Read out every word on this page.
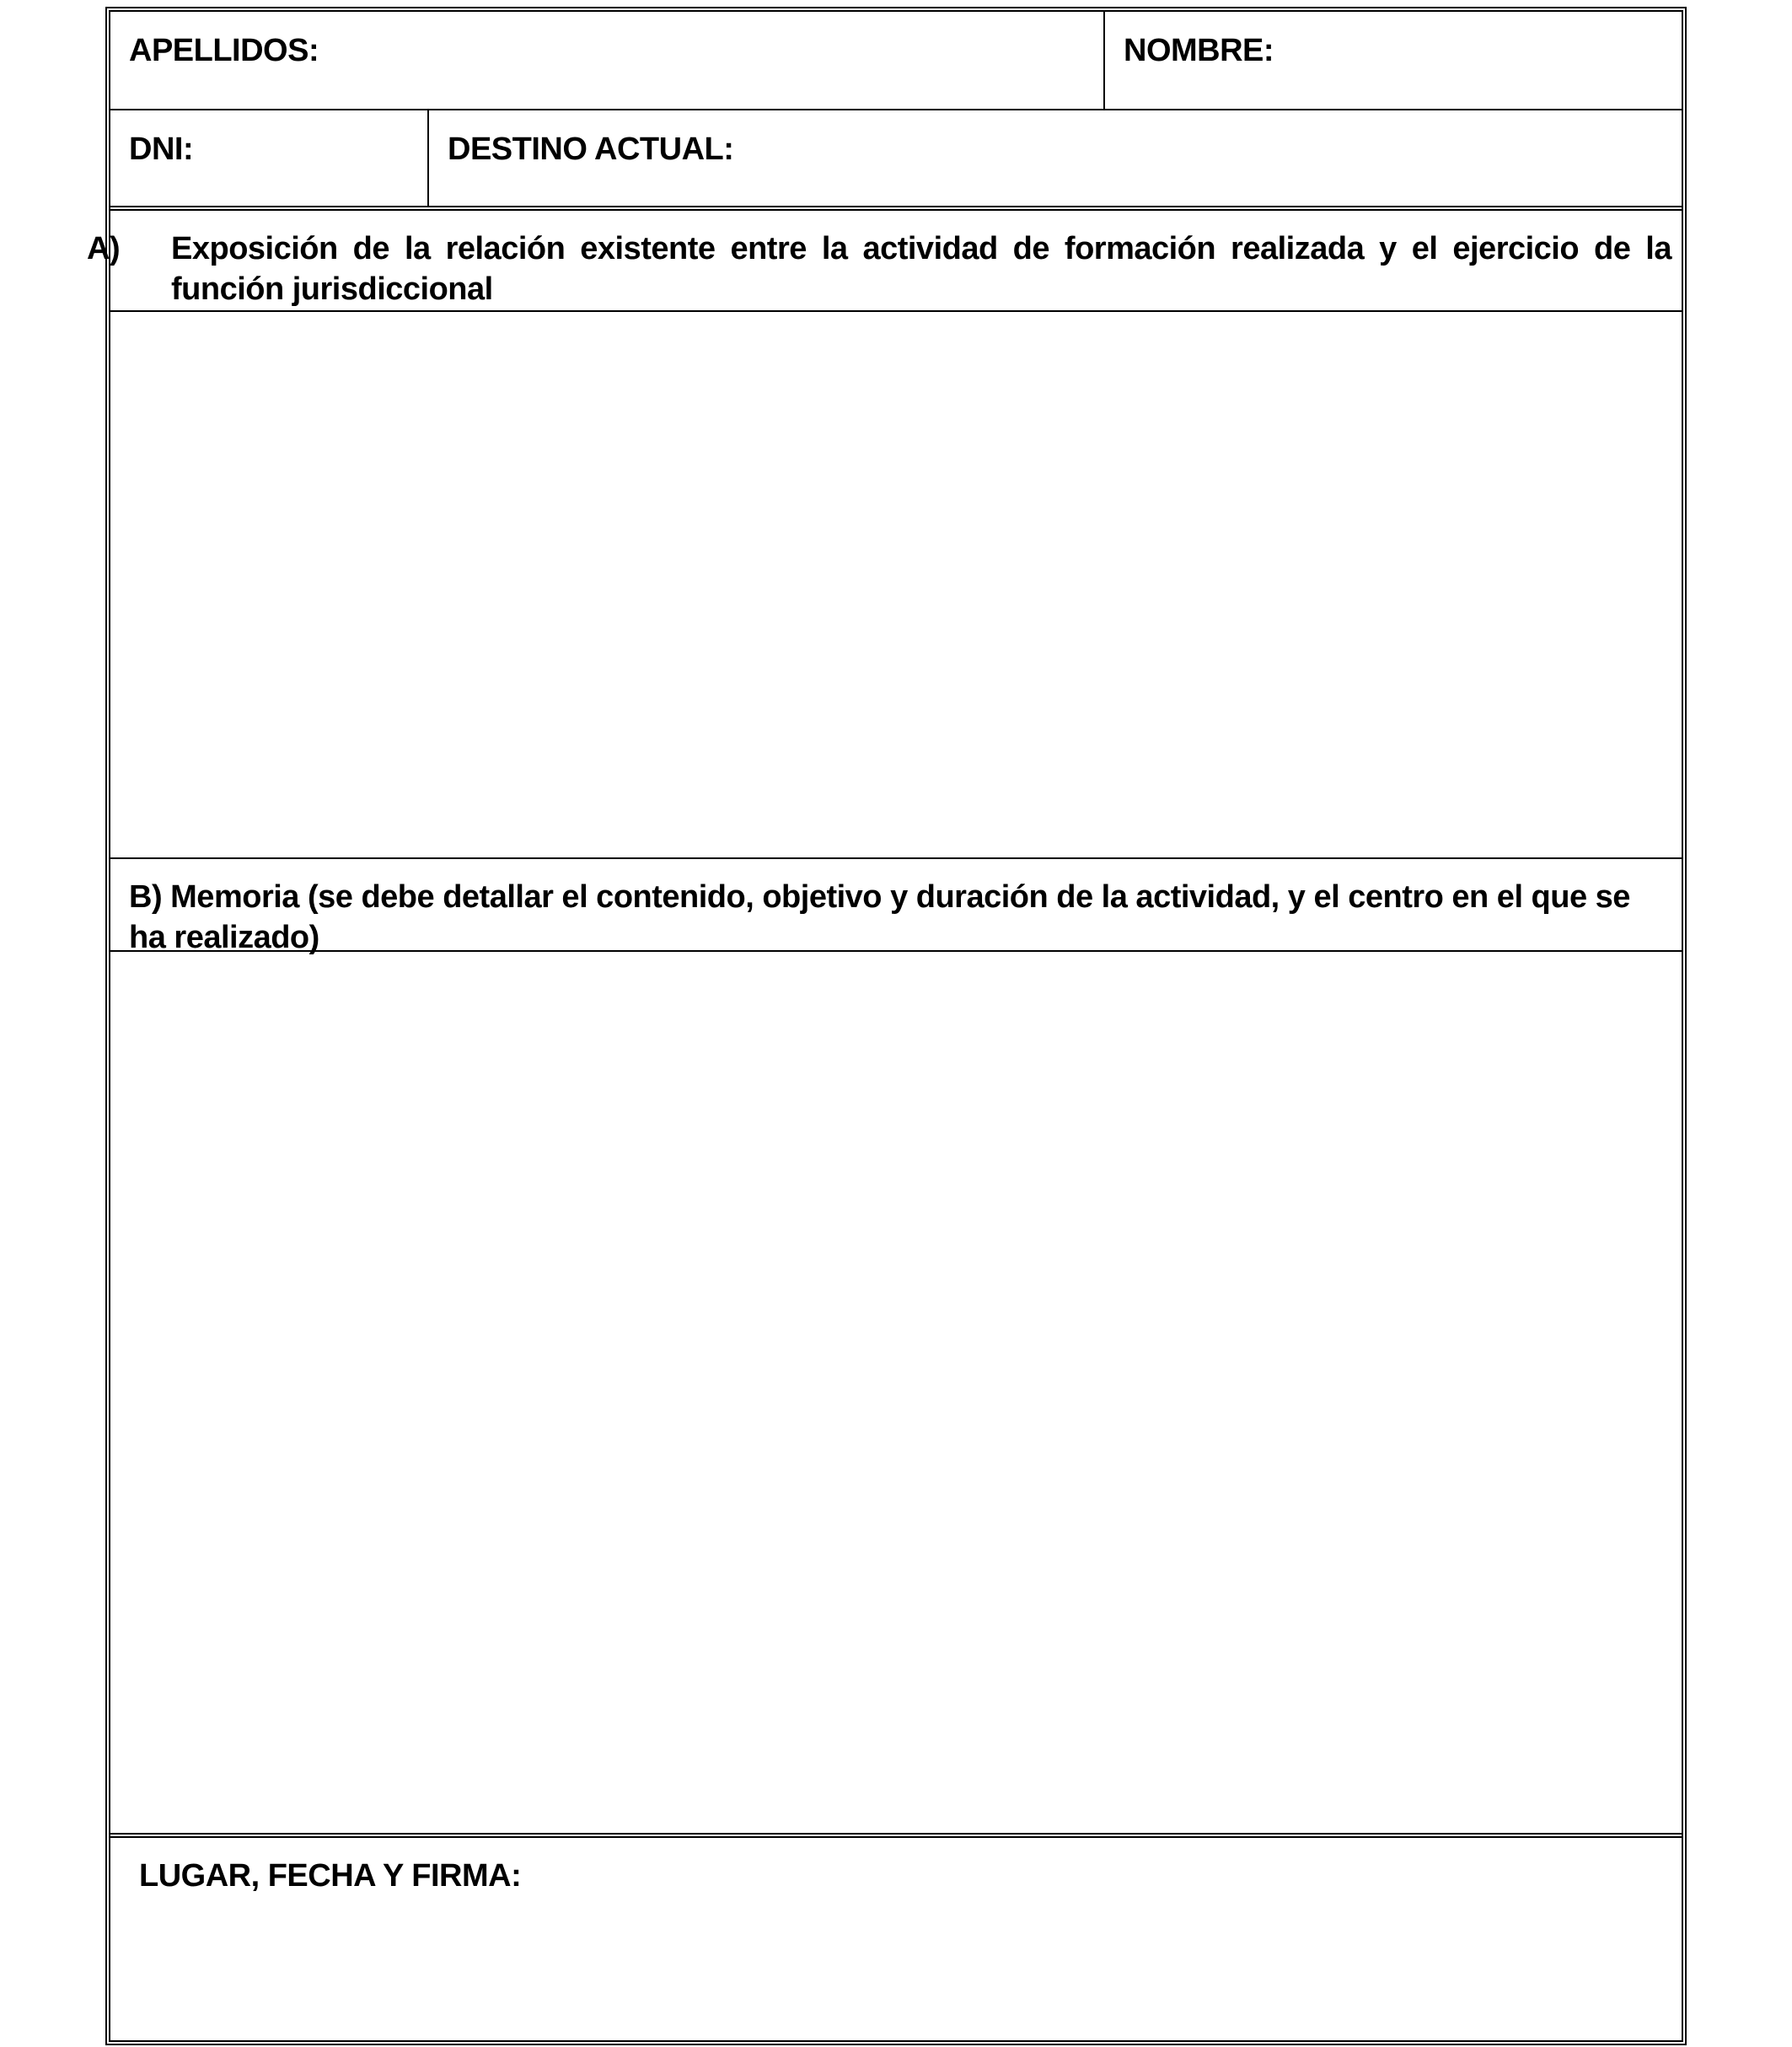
APELLIDOS:	NOMBRE:
DNI:	DESTINO ACTUAL:
A) Exposición de la relación existente entre la actividad de formación realizada y el ejercicio de la función jurisdiccional
B) Memoria (se debe detallar el contenido, objetivo y duración de la actividad, y el centro en el que se ha realizado)
LUGAR, FECHA Y FIRMA:
